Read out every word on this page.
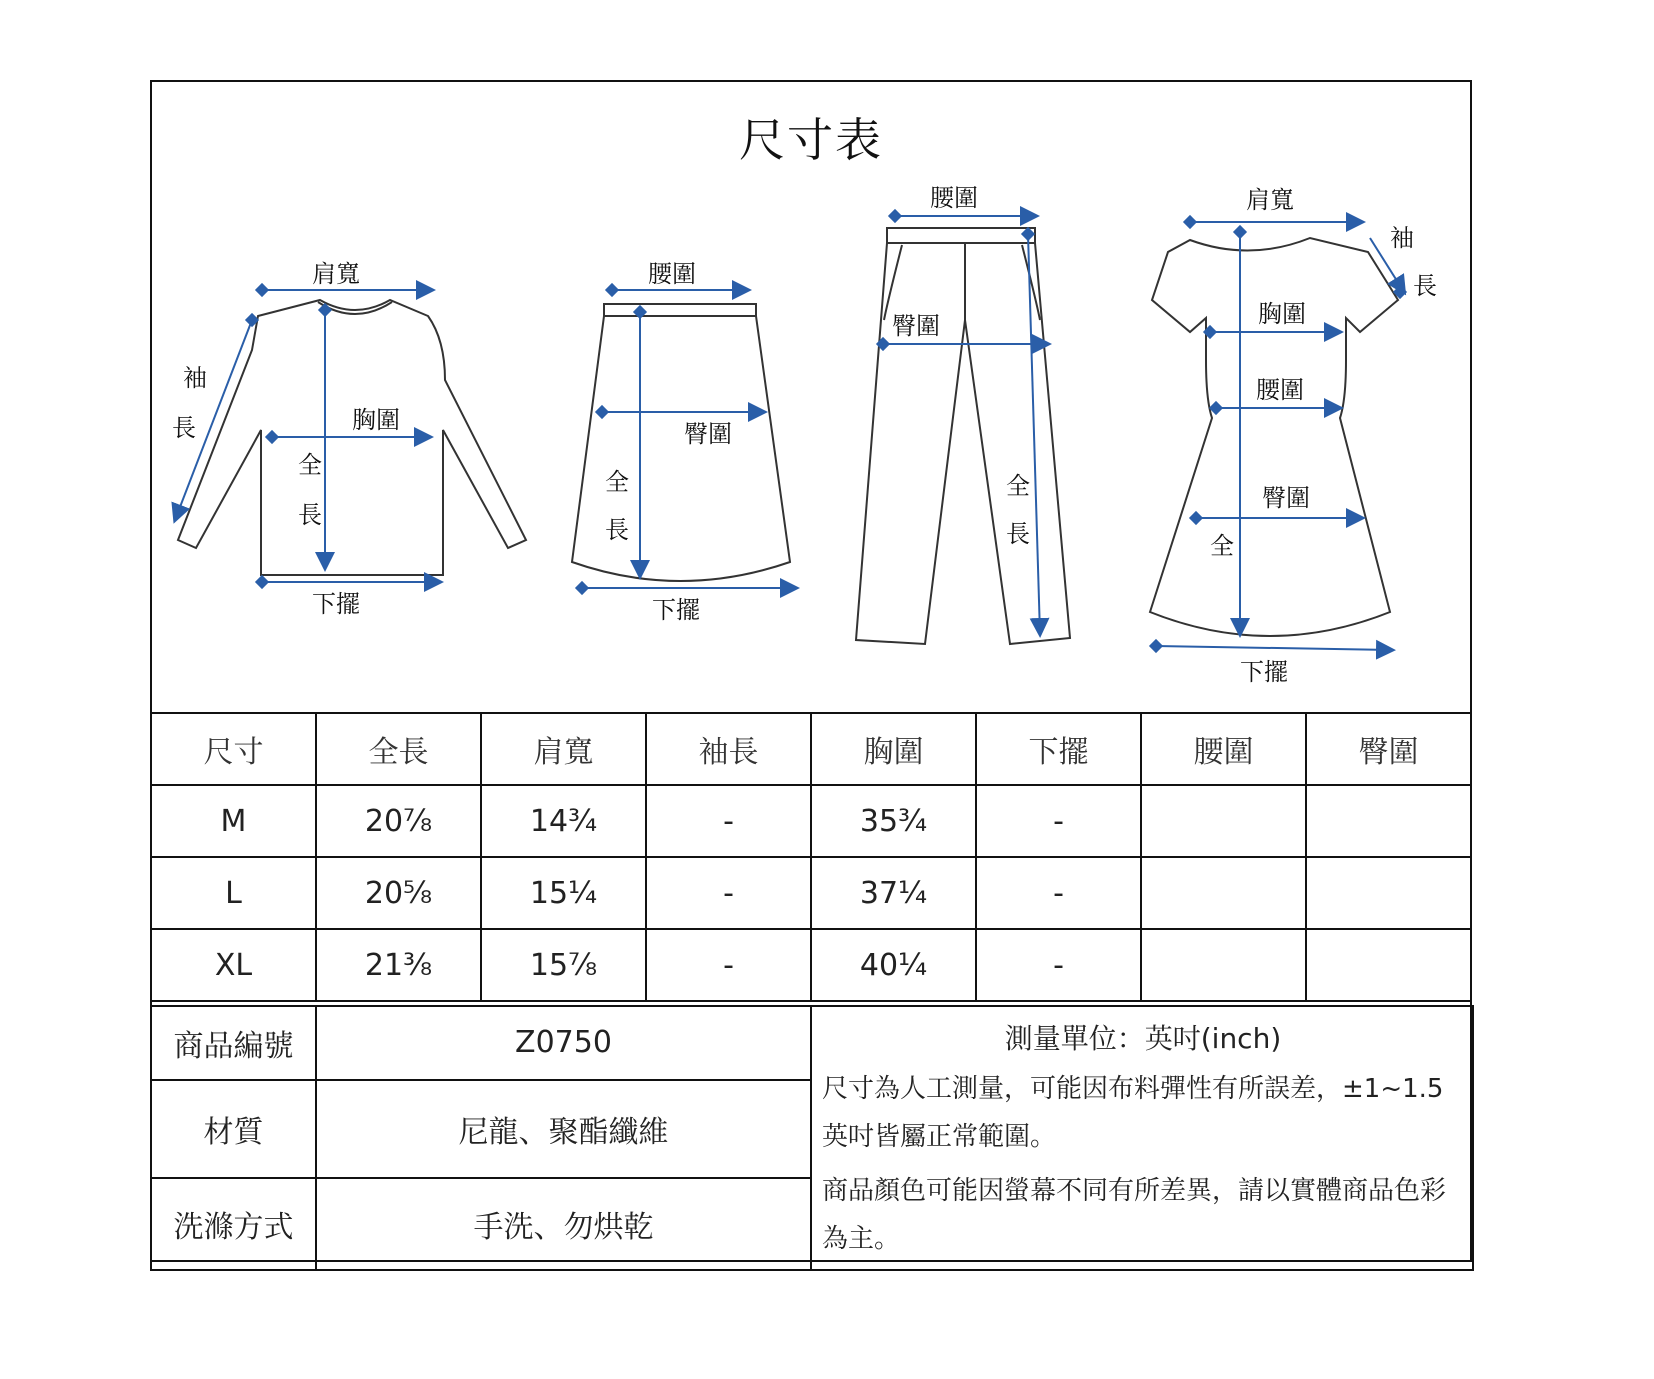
尺寸表
肩寬
袖
長	胸圍
全
長
下擺
腰圍
臀圍
全
長
下擺
腰圍
臀圍
全
長
肩寬
袖
長
胸圍
腰圍
臀圍
全
下擺
尺寸	全長	肩寬	袖長	胸圍	下擺	腰圍	臀圍
M	20⅞	14¾	-	35¾	-		
L	20⅝	15¼	-	37¼	-		
XL	21⅜	15⅞	-	40¼	-		
商品編號	Z0750	測量單位：英吋(inch)

尺寸為人工測量，可能因布料彈性有所誤差，±1~1.5 英吋皆屬正常範圍。

商品顏色可能因螢幕不同有所差異，請以實體商品色彩為主。

材質	尼龍、聚酯纖維	
洗滌方式	手洗、勿烘乾	
